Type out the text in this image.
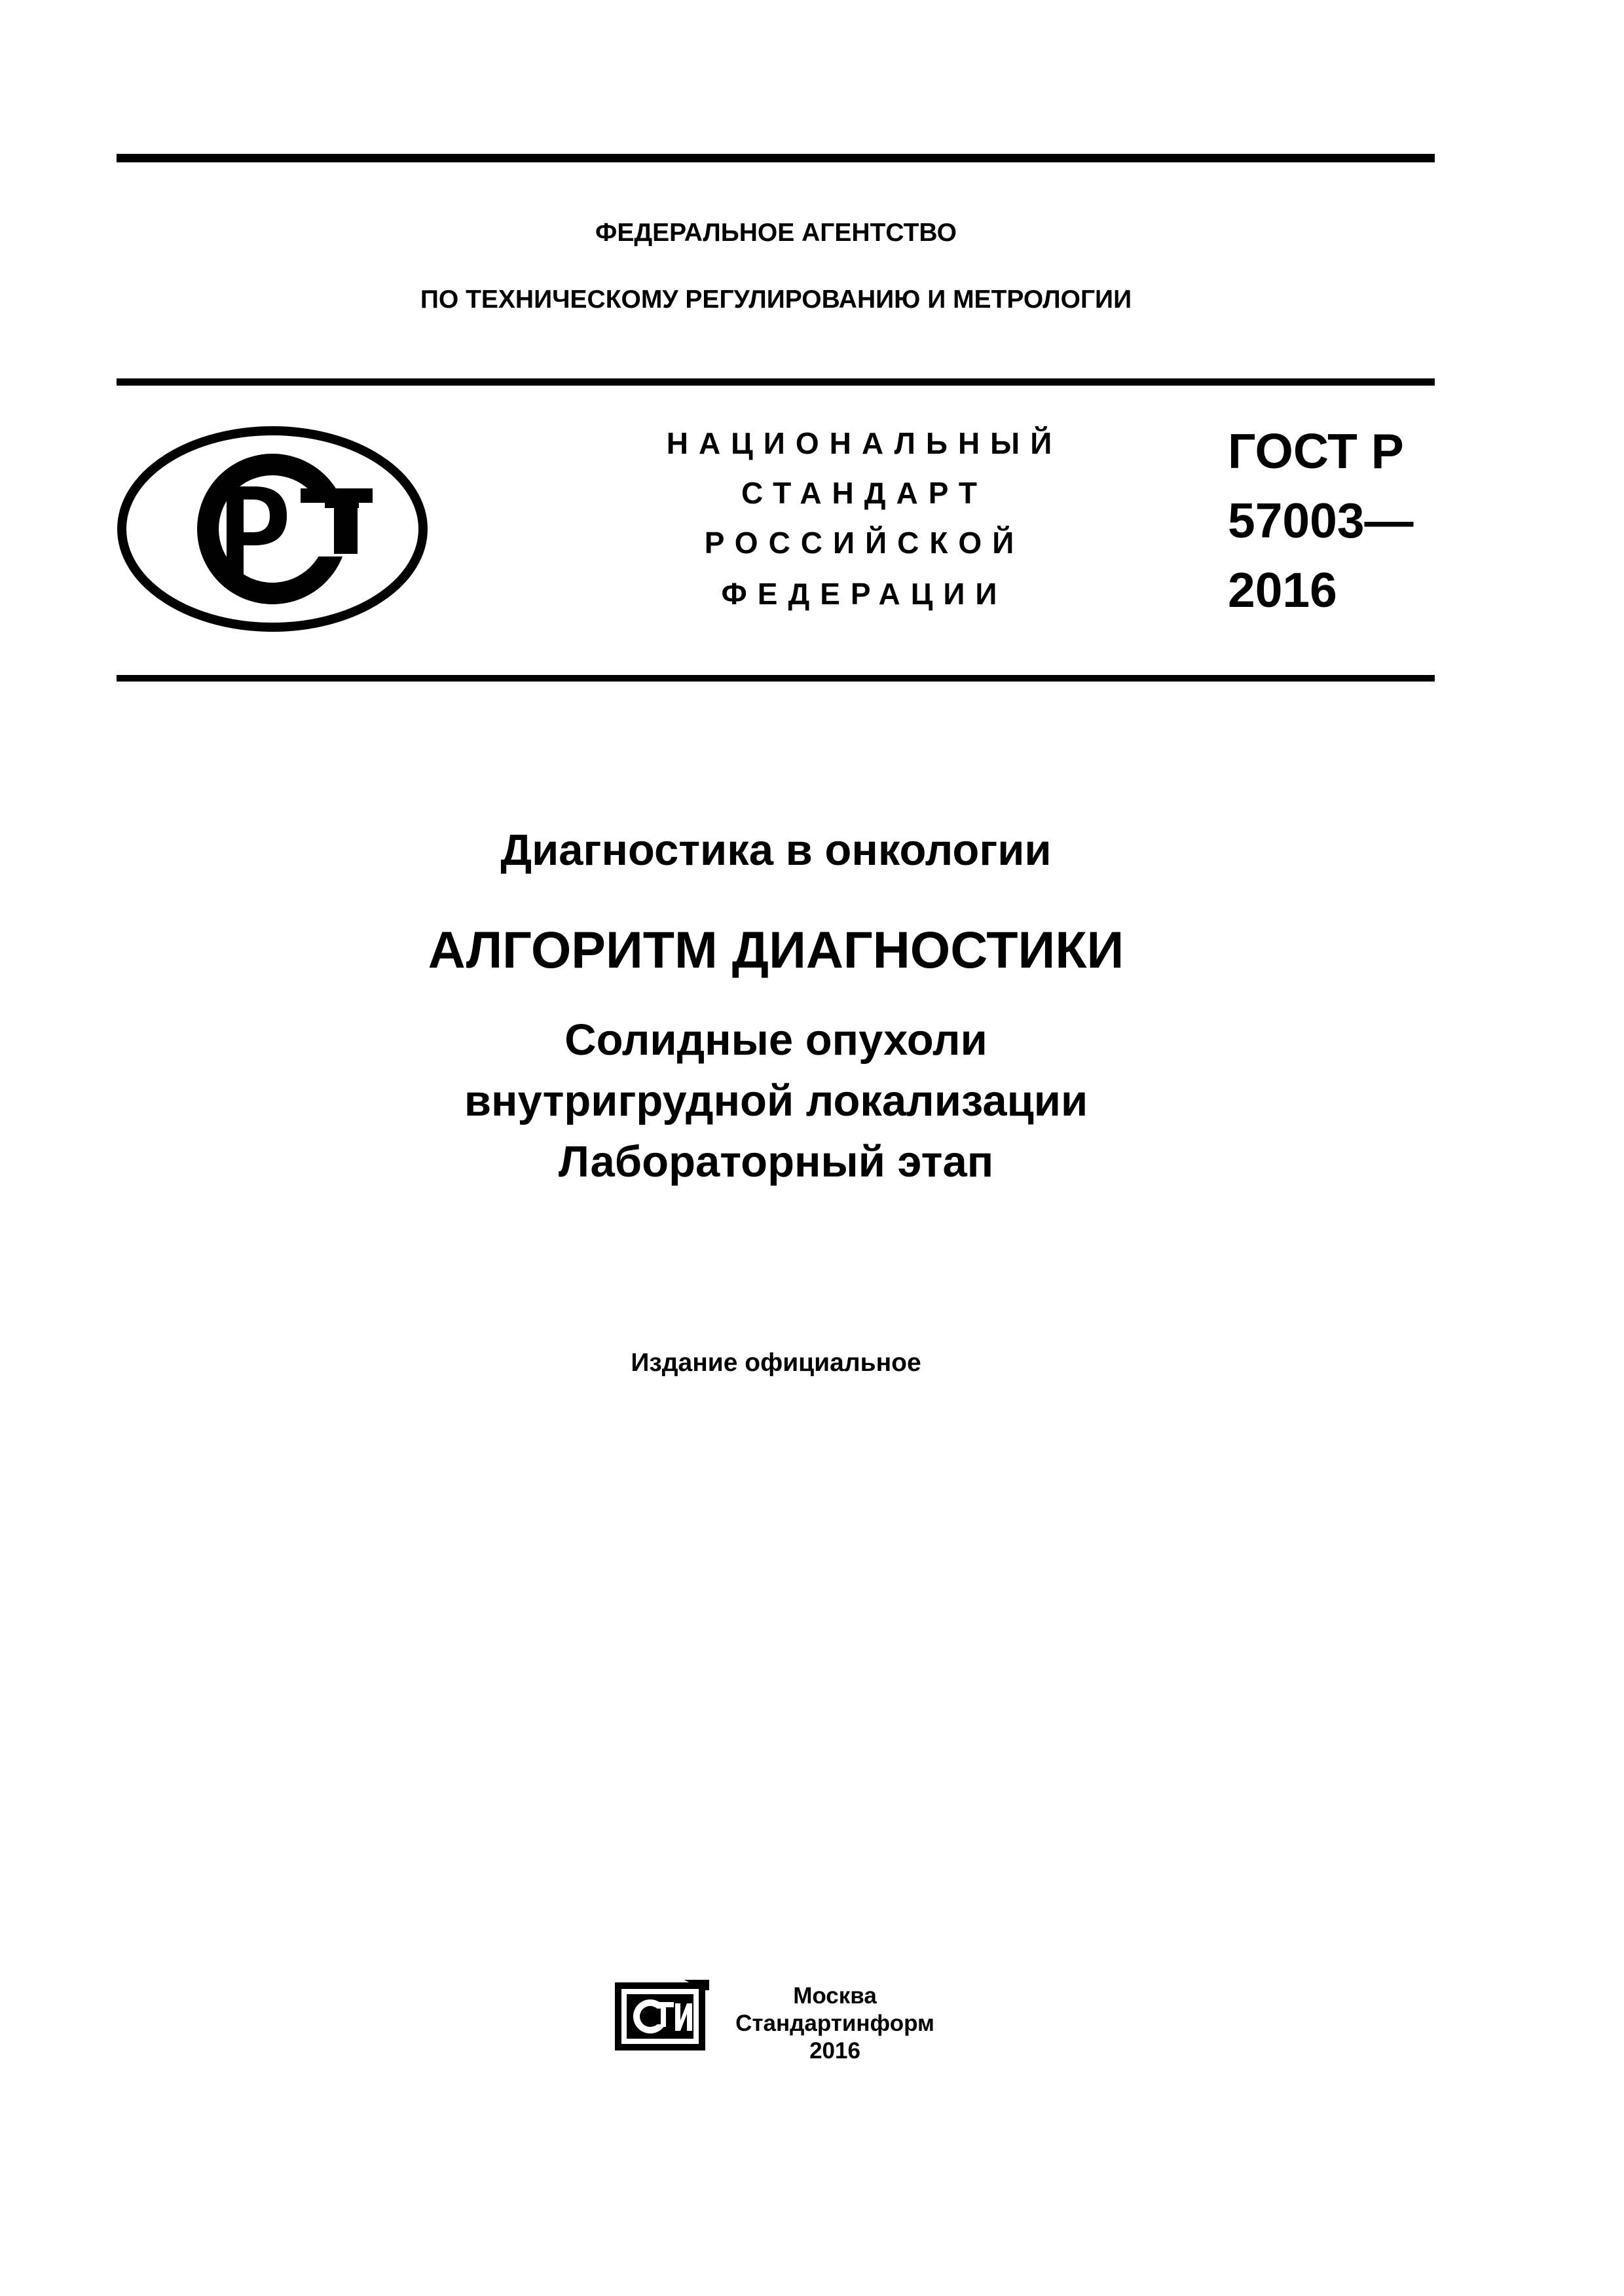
ФЕДЕРАЛЬНОЕ АГЕНТСТВО
ПО ТЕХНИЧЕСКОМУ РЕГУЛИРОВАНИЮ И МЕТРОЛОГИИ
НАЦИОНАЛЬНЫЙ
СТАНДАРТ
РОССИЙСКОЙ
ФЕДЕРАЦИИ
ГОСТ Р
57003—
2016
Диагностика в онкологии
АЛГОРИТМ ДИАГНОСТИКИ
Солидные опухоли
внутригрудной локализации
Лабораторный этап
Издание официальное
Москва
Стандартинформ
2016
